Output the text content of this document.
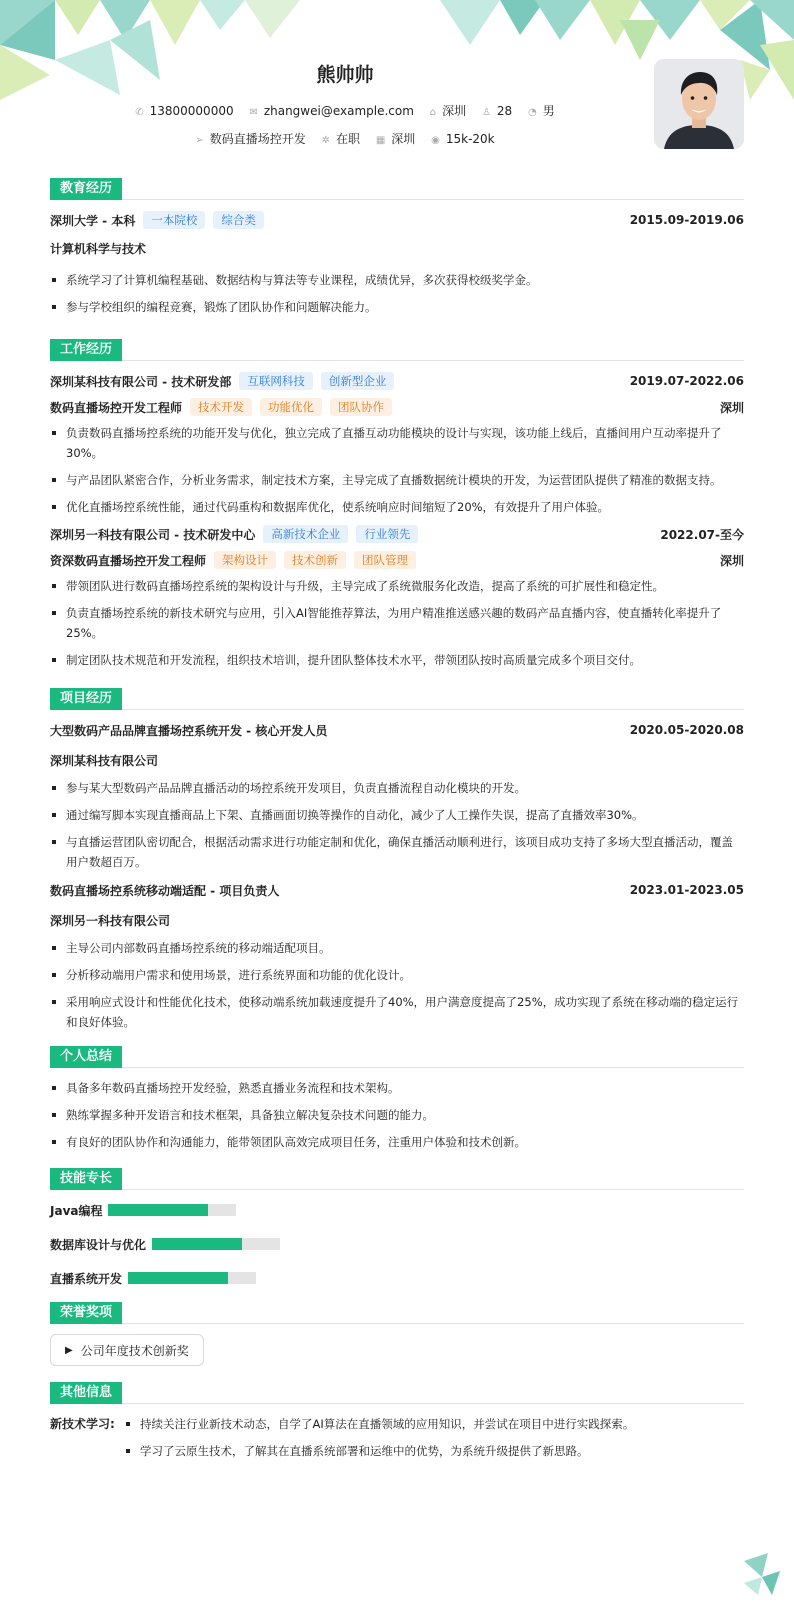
熊帅帅
✆ 13800000000 ✉ zhangwei@example.com ⌂ 深圳 ♙ 28 ◔ 男
➢ 数码直播场控开发 ✲ 在职 ▦ 深圳 ◉ 15k-20k
教育经历
深圳大学 - 本科	一本院校	综合类	2015.09-2019.06
计算机科学与技术
系统学习了计算机编程基础、数据结构与算法等专业课程，成绩优异，多次获得校级奖学金。
参与学校组织的编程竞赛，锻炼了团队协作和问题解决能力。
工作经历
深圳某科技有限公司 - 技术研发部	互联网科技	创新型企业	2019.07-2022.06
数码直播场控开发工程师	技术开发	功能优化	团队协作	深圳
负责数码直播场控系统的功能开发与优化，独立完成了直播互动功能模块的设计与实现，该功能上线后，直播间用户互动率提升了30%。
与产品团队紧密合作，分析业务需求，制定技术方案，主导完成了直播数据统计模块的开发，为运营团队提供了精准的数据支持。
优化直播场控系统性能，通过代码重构和数据库优化，使系统响应时间缩短了20%，有效提升了用户体验。
深圳另一科技有限公司 - 技术研发中心	高新技术企业	行业领先	2022.07-至今
资深数码直播场控开发工程师	架构设计	技术创新	团队管理	深圳
带领团队进行数码直播场控系统的架构设计与升级，主导完成了系统微服务化改造，提高了系统的可扩展性和稳定性。
负责直播场控系统的新技术研究与应用，引入AI智能推荐算法，为用户精准推送感兴趣的数码产品直播内容，使直播转化率提升了25%。
制定团队技术规范和开发流程，组织技术培训，提升团队整体技术水平，带领团队按时高质量完成多个项目交付。
项目经历
大型数码产品品牌直播场控系统开发 - 核心开发人员	2020.05-2020.08
深圳某科技有限公司
参与某大型数码产品品牌直播活动的场控系统开发项目，负责直播流程自动化模块的开发。
通过编写脚本实现直播商品上下架、直播画面切换等操作的自动化，减少了人工操作失误，提高了直播效率30%。
与直播运营团队密切配合，根据活动需求进行功能定制和优化，确保直播活动顺利进行，该项目成功支持了多场大型直播活动，覆盖用户数超百万。
数码直播场控系统移动端适配 - 项目负责人	2023.01-2023.05
深圳另一科技有限公司
主导公司内部数码直播场控系统的移动端适配项目。
分析移动端用户需求和使用场景，进行系统界面和功能的优化设计。
采用响应式设计和性能优化技术，使移动端系统加载速度提升了40%，用户满意度提高了25%，成功实现了系统在移动端的稳定运行和良好体验。
个人总结
具备多年数码直播场控开发经验，熟悉直播业务流程和技术架构。
熟练掌握多种开发语言和技术框架，具备独立解决复杂技术问题的能力。
有良好的团队协作和沟通能力，能带领团队高效完成项目任务，注重用户体验和技术创新。
技能专长
Java编程
数据库设计与优化
直播系统开发
荣誉奖项
▶ 公司年度技术创新奖
其他信息
新技术学习:	持续关注行业新技术动态，自学了AI算法在直播领域的应用知识，并尝试在项目中进行实践探索。
学习了云原生技术，了解其在直播系统部署和运维中的优势，为系统升级提供了新思路。
